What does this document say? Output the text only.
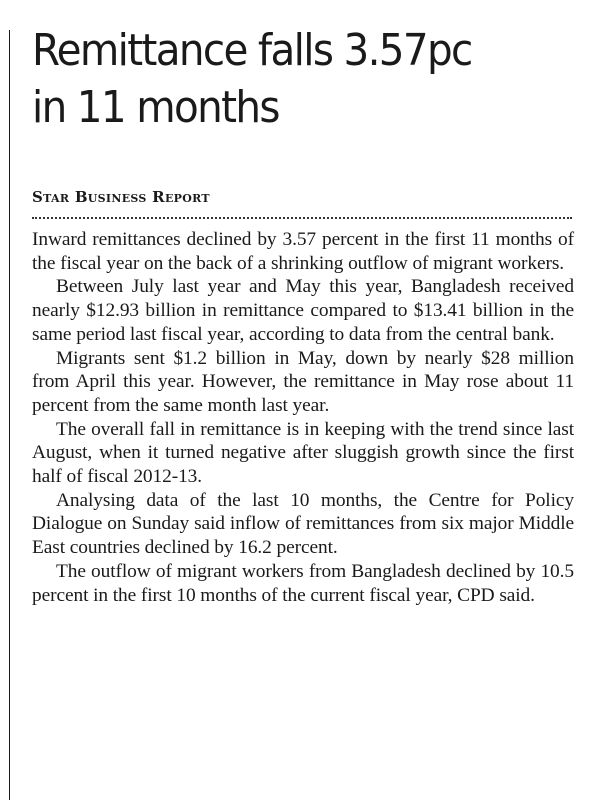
Remittance falls 3.57pc
in 11 months
Star Business Report

Inward remittances declined by 3.57 percent in the first 11 months of the fiscal year on the back of a shrinking outflow of migrant workers.

Between July last year and May this year, Bangladesh received nearly $12.93 billion in remittance compared to $13.41 billion in the same period last fiscal year, according to data from the central bank.

Migrants sent $1.2 billion in May, down by nearly $28 million from April this year. However, the remittance in May rose about 11 percent from the same month last year.

The overall fall in remittance is in keeping with the trend since last August, when it turned negative after sluggish growth since the first half of fiscal 2012-13.

Analysing data of the last 10 months, the Centre for Policy Dialogue on Sunday said inflow of remittances from six major Middle East countries declined by 16.2 percent.

The outflow of migrant workers from Bangladesh declined by 10.5 percent in the first 10 months of the current fiscal year, CPD said.
